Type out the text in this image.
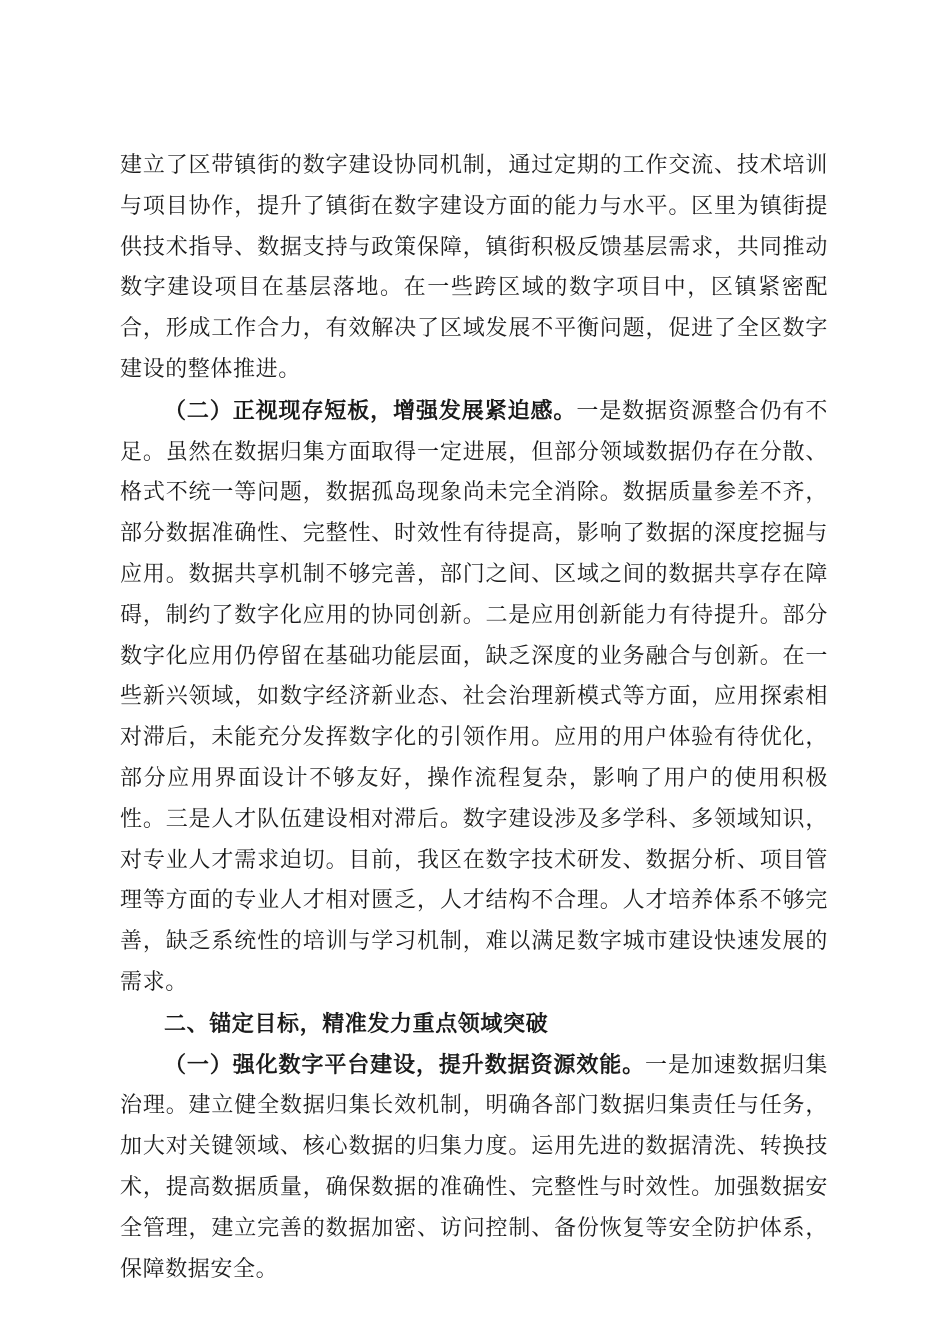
建立了区带镇街的数字建设协同机制，通过定期的工作交流、技术培训与项目协作，提升了镇街在数字建设方面的能力与水平。区里为镇街提供技术指导、数据支持与政策保障，镇街积极反馈基层需求，共同推动数字建设项目在基层落地。在一些跨区域的数字项目中，区镇紧密配合，形成工作合力，有效解决了区域发展不平衡问题，促进了全区数字建设的整体推进。

（二）正视现存短板，增强发展紧迫感。一是数据资源整合仍有不足。虽然在数据归集方面取得一定进展，但部分领域数据仍存在分散、格式不统一等问题，数据孤岛现象尚未完全消除。数据质量参差不齐，部分数据准确性、完整性、时效性有待提高，影响了数据的深度挖掘与应用。数据共享机制不够完善，部门之间、区域之间的数据共享存在障碍，制约了数字化应用的协同创新。二是应用创新能力有待提升。部分数字化应用仍停留在基础功能层面，缺乏深度的业务融合与创新。在一些新兴领域，如数字经济新业态、社会治理新模式等方面，应用探索相对滞后，未能充分发挥数字化的引领作用。应用的用户体验有待优化，部分应用界面设计不够友好，操作流程复杂，影响了用户的使用积极性。三是人才队伍建设相对滞后。数字建设涉及多学科、多领域知识，对专业人才需求迫切。目前，我区在数字技术研发、数据分析、项目管理等方面的专业人才相对匮乏，人才结构不合理。人才培养体系不够完善，缺乏系统性的培训与学习机制，难以满足数字城市建设快速发展的需求。

二、锚定目标，精准发力重点领域突破

（一）强化数字平台建设，提升数据资源效能。一是加速数据归集治理。建立健全数据归集长效机制，明确各部门数据归集责任与任务，加大对关键领域、核心数据的归集力度。运用先进的数据清洗、转换技术，提高数据质量，确保数据的准确性、完整性与时效性。加强数据安全管理，建立完善的数据加密、访问控制、备份恢复等安全防护体系，保障数据安全。
